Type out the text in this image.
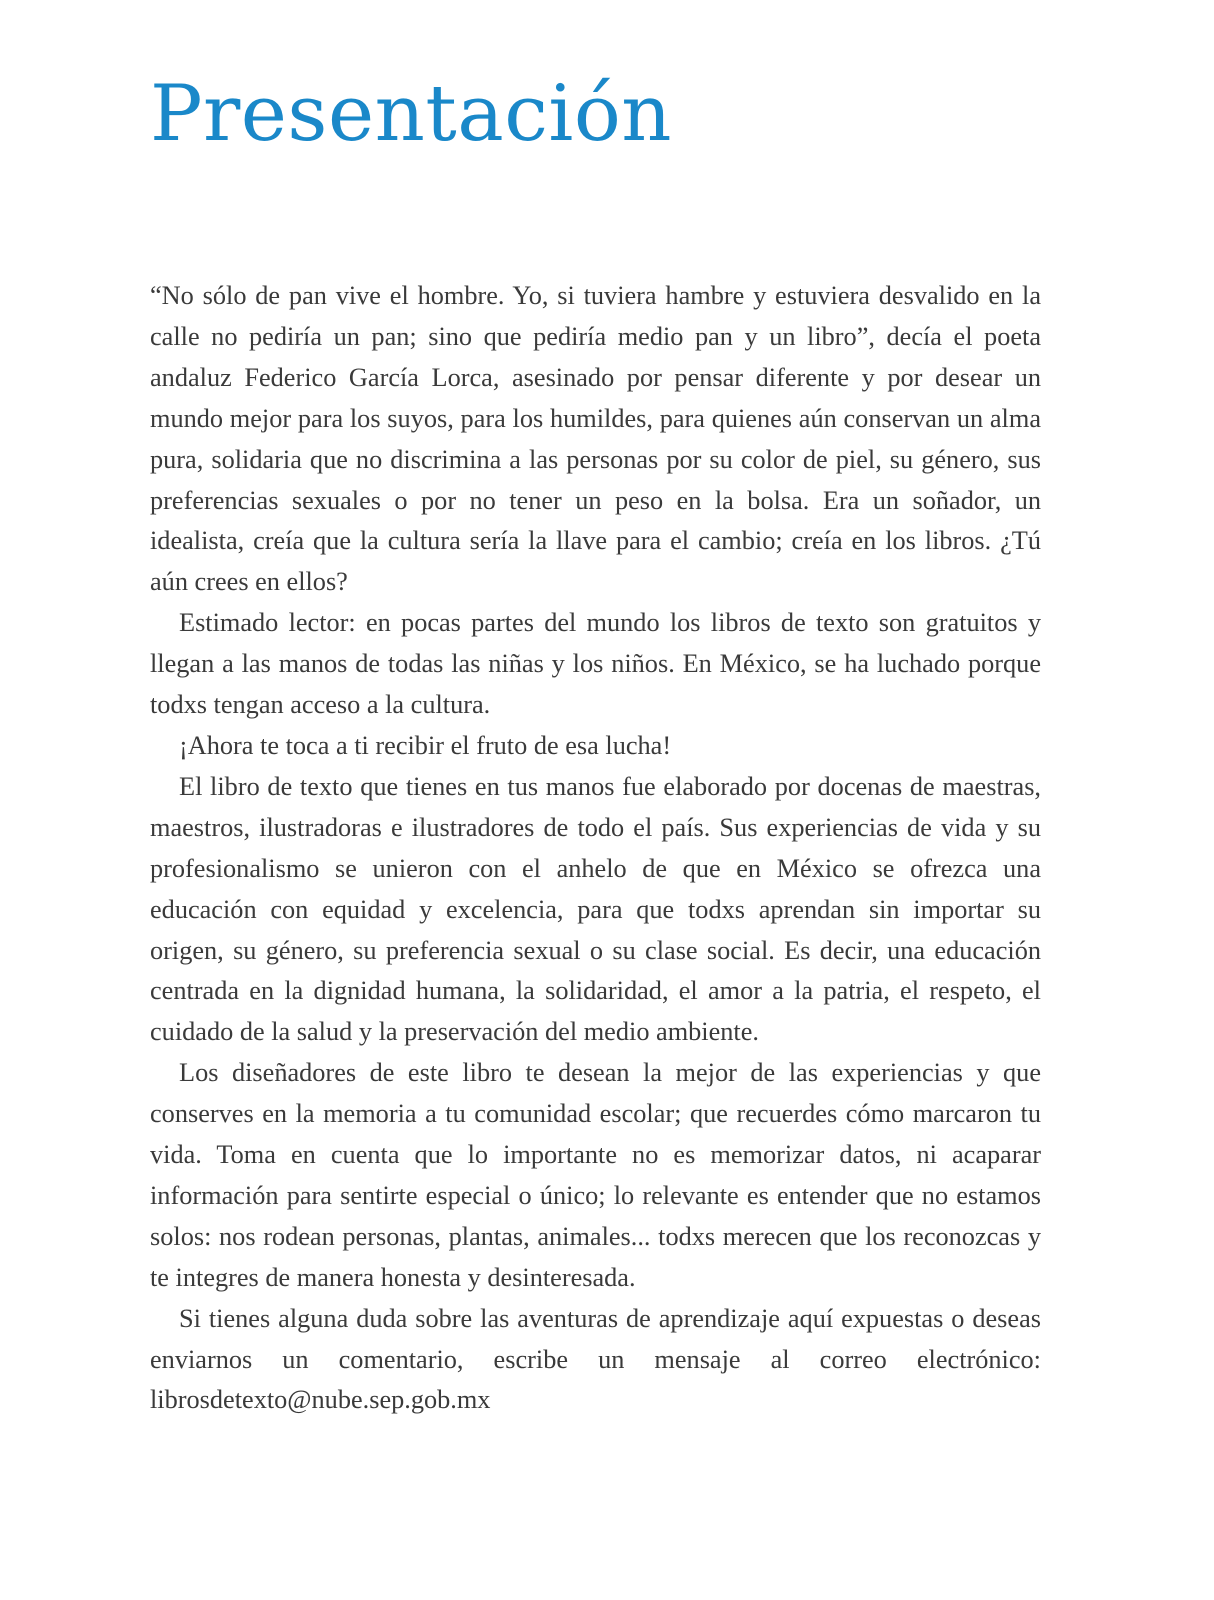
Presentación

“No sólo de pan vive el hombre. Yo, si tuviera hambre y estuviera desvalido en la calle no pediría un pan; sino que pediría medio pan y un libro”, decía el poeta andaluz Federico García Lorca, asesinado por pensar diferente y por desear un mundo mejor para los suyos, para los humildes, para quienes aún conservan un alma pura, solidaria que no discrimina a las personas por su color de piel, su género, sus preferencias sexuales o por no tener un peso en la bolsa. Era un soñador, un idealista, creía que la cultura sería la llave para el cambio; creía en los libros. ¿Tú aún crees en ellos?

Estimado lector: en pocas partes del mundo los libros de texto son gratuitos y llegan a las manos de todas las niñas y los niños. En México, se ha luchado porque todxs tengan acceso a la cultura.

¡Ahora te toca a ti recibir el fruto de esa lucha!

El libro de texto que tienes en tus manos fue elaborado por docenas de maestras, maestros, ilustradoras e ilustradores de todo el país. Sus experiencias de vida y su profesionalismo se unieron con el anhelo de que en México se ofrezca una educación con equidad y excelencia, para que todxs aprendan sin importar su origen, su género, su preferencia sexual o su clase social. Es decir, una educación centrada en la dignidad humana, la solidaridad, el amor a la patria, el respeto, el cuidado de la salud y la preservación del medio ambiente.

Los diseñadores de este libro te desean la mejor de las experiencias y que conserves en la memoria a tu comunidad escolar; que recuerdes cómo marcaron tu vida. Toma en cuenta que lo importante no es memorizar datos, ni acaparar información para sentirte especial o único; lo relevante es entender que no estamos solos: nos rodean personas, plantas, animales... todxs merecen que los reconozcas y te integres de manera honesta y desinteresada.

Si tienes alguna duda sobre las aventuras de aprendizaje aquí expuestas o deseas enviarnos un comentario, escribe un mensaje al correo electrónico: librosdetexto@nube.sep.gob.mx
